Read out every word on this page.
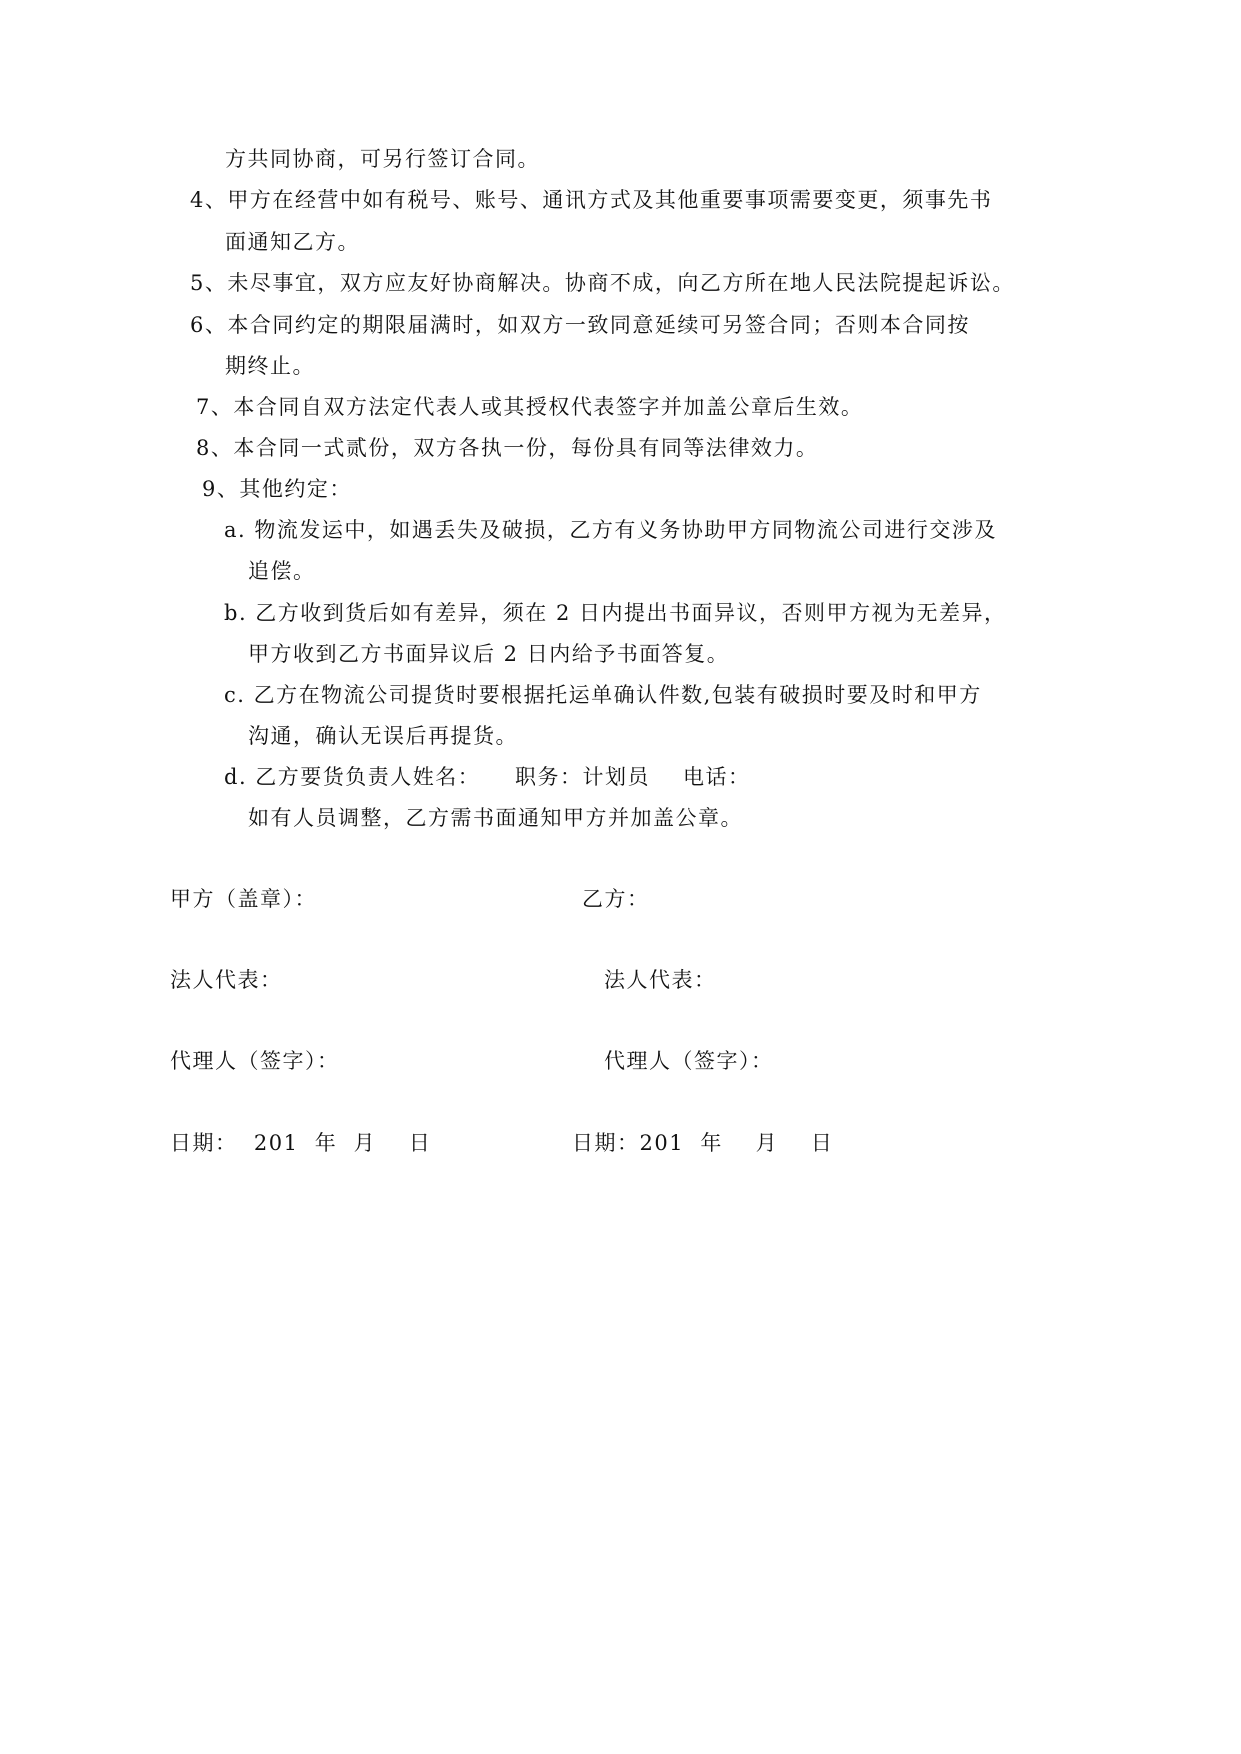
方共同协商，可另行签订合同。
4、甲方在经营中如有税号、账号、通讯方式及其他重要事项需要变更，须事先书
面通知乙方。
5、未尽事宜，双方应友好协商解决。协商不成，向乙方所在地人民法院提起诉讼。
6、本合同约定的期限届满时，如双方一致同意延续可另签合同；否则本合同按
期终止。
7、本合同自双方法定代表人或其授权代表签字并加盖公章后生效。
8、本合同一式贰份，双方各执一份，每份具有同等法律效力。
9、其他约定：
a. 物流发运中，如遇丢失及破损，乙方有义务协助甲方同物流公司进行交涉及
追偿。
b. 乙方收到货后如有差异，须在 2 日内提出书面异议，否则甲方视为无差异，
甲方收到乙方书面异议后 2 日内给予书面答复。
c. 乙方在物流公司提货时要根据托运单确认件数,包装有破损时要及时和甲方
沟通，确认无误后再提货。
d. 乙方要货负责人姓名： 职务：计划员 电话：
如有人员调整，乙方需书面通知甲方并加盖公章。
甲方（盖章）：	乙方：
法人代表：	法人代表：
代理人（签字）：	代理人（签字）：
日期：  201  年  月    日	日期：201  年    月    日
